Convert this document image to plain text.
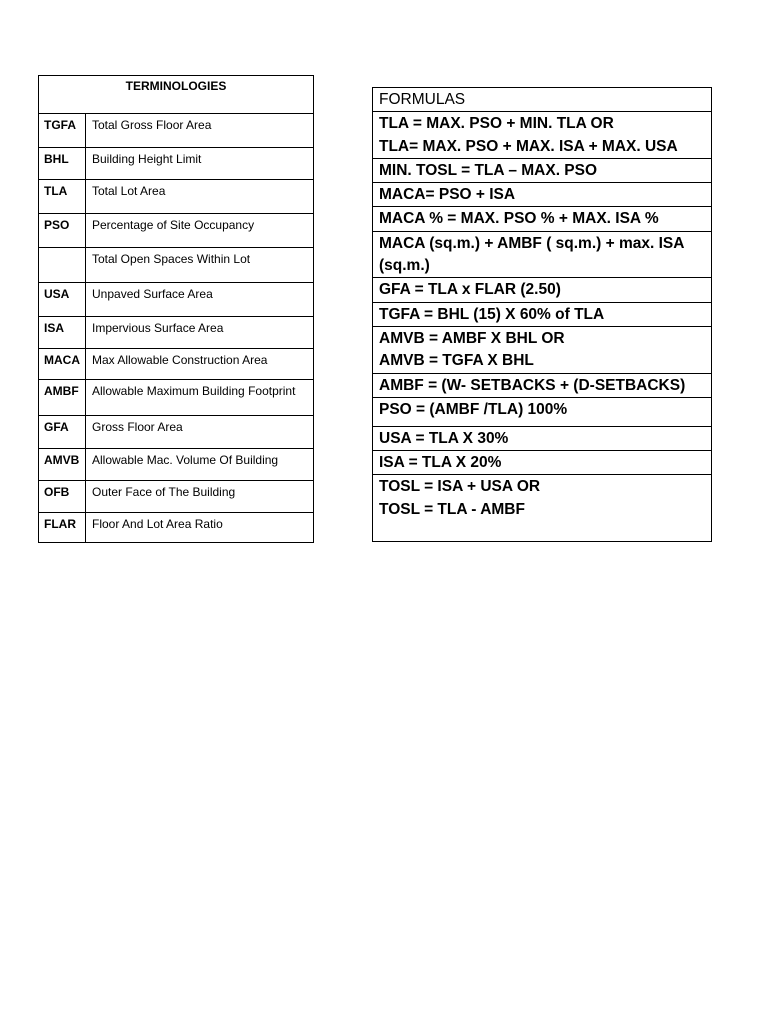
TERMINOLOGIES	
TGFA	Total Gross Floor Area
BHL	Building Height Limit
TLA	Total Lot Area
PSO	Percentage of Site Occupancy
	Total Open Spaces Within Lot
USA	Unpaved Surface Area
ISA	Impervious Surface Area
MACA	Max Allowable Construction Area
AMBF	Allowable Maximum Building Footprint
GFA	Gross Floor Area
AMVB	Allowable Mac. Volume Of Building
OFB	Outer Face of The Building
FLAR	Floor And Lot Area Ratio
FORMULAS

TLA = MAX. PSO + MIN. TLA OR
TLA= MAX. PSO + MAX. ISA + MAX. USA

MIN. TOSL = TLA – MAX. PSO

MACA= PSO + ISA

MACA % = MAX. PSO % + MAX. ISA %

MACA (sq.m.) + AMBF ( sq.m.) + max. ISA
(sq.m.)

GFA = TLA x FLAR (2.50)

TGFA = BHL (15) X 60% of TLA

AMVB = AMBF X BHL OR
AMVB = TGFA X BHL

AMBF = (W- SETBACKS + (D-SETBACKS)

PSO = (AMBF /TLA) 100%

USA = TLA X 30%

ISA = TLA X 20%

TOSL = ISA + USA OR
TOSL = TLA - AMBF
